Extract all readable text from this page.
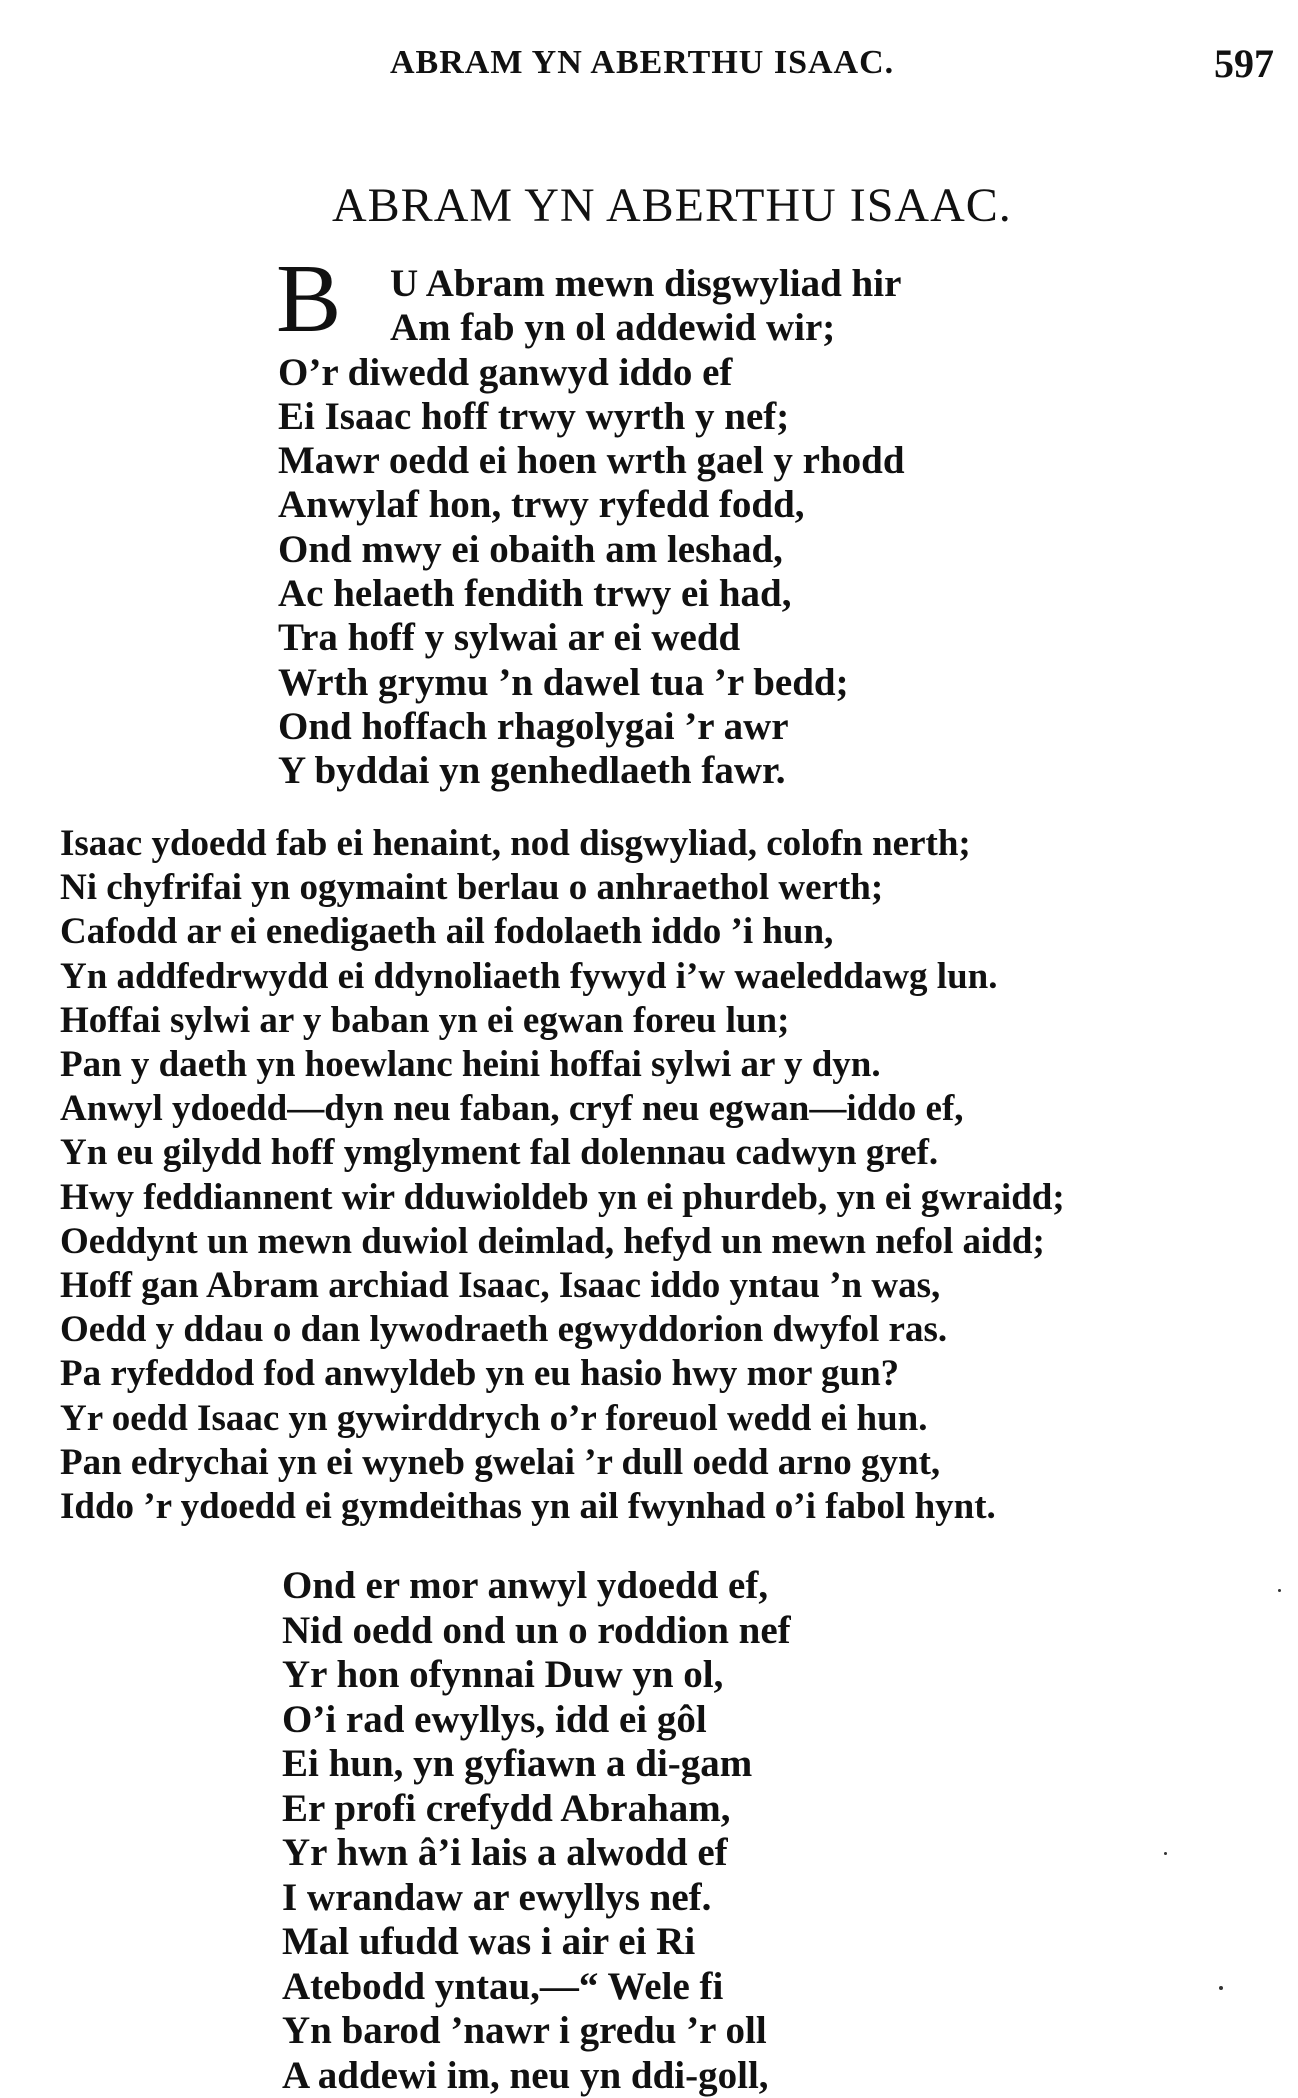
ABRAM YN ABERTHU ISAAC.	597
ABRAM YN ABERTHU ISAAC.
B	U Abram mewn disgwyliad hir
Am fab yn ol addewid wir;
O’r diwedd ganwyd iddo ef
Ei Isaac hoff trwy wyrth y nef;
Mawr oedd ei hoen wrth gael y rhodd
Anwylaf hon, trwy ryfedd fodd,
Ond mwy ei obaith am leshad,
Ac helaeth fendith trwy ei had,
Tra hoff y sylwai ar ei wedd
Wrth grymu ’n dawel tua ’r bedd;
Ond hoffach rhagolygai ’r awr
Y byddai yn genhedlaeth fawr.
Isaac ydoedd fab ei henaint, nod disgwyliad, colofn nerth;
Ni chyfrifai yn ogymaint berlau o anhraethol werth;
Cafodd ar ei enedigaeth ail fodolaeth iddo ’i hun,
Yn addfedrwydd ei ddynoliaeth fywyd i’w waeleddawg lun.
Hoffai sylwi ar y baban yn ei egwan foreu lun;
Pan y daeth yn hoewlanc heini hoffai sylwi ar y dyn.
Anwyl ydoedd—dyn neu faban, cryf neu egwan—iddo ef,
Yn eu gilydd hoff ymglyment fal dolennau cadwyn gref.
Hwy feddiannent wir dduwioldeb yn ei phurdeb, yn ei gwraidd;
Oeddynt un mewn duwiol deimlad, hefyd un mewn nefol aidd;
Hoff gan Abram archiad Isaac, Isaac iddo yntau ’n was,
Oedd y ddau o dan lywodraeth egwyddorion dwyfol ras.
Pa ryfeddod fod anwyldeb yn eu hasio hwy mor gun?
Yr oedd Isaac yn gywirddrych o’r foreuol wedd ei hun.
Pan edrychai yn ei wyneb gwelai ’r dull oedd arno gynt,
Iddo ’r ydoedd ei gymdeithas yn ail fwynhad o’i fabol hynt.
Ond er mor anwyl ydoedd ef,
Nid oedd ond un o roddion nef
Yr hon ofynnai Duw yn ol,
O’i rad ewyllys, idd ei gôl
Ei hun, yn gyfiawn a di-gam
Er profi crefydd Abraham,
Yr hwn â’i lais a alwodd ef
I wrandaw ar ewyllys nef.
Mal ufudd was i air ei Ri
Atebodd yntau,—“ Wele fi
Yn barod ’nawr i gredu ’r oll
A addewi im, neu yn ddi-goll,
